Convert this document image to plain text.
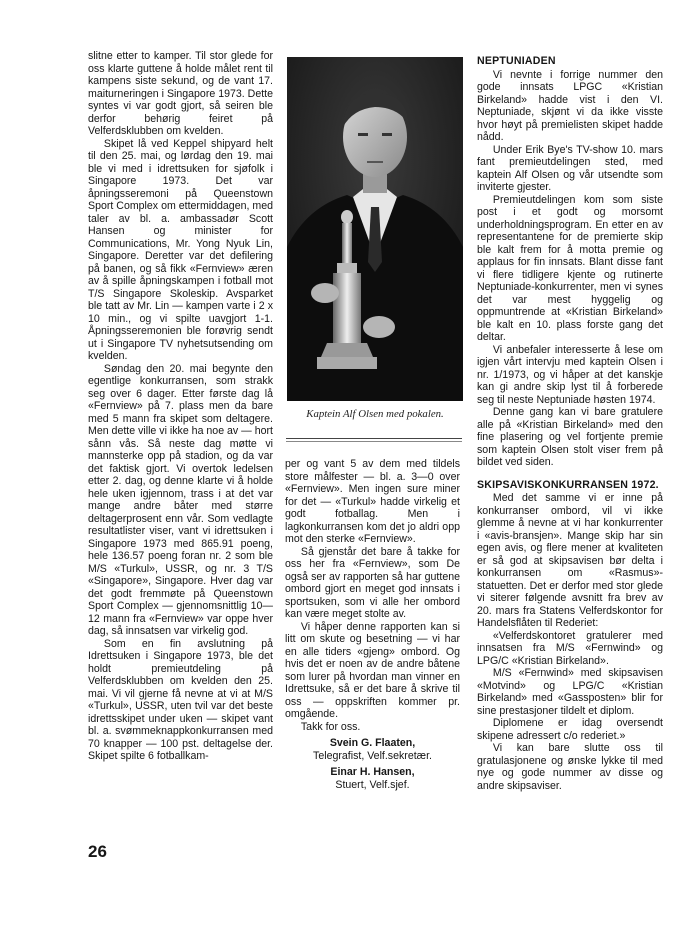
slitne etter to kamper. Til stor glede for oss klarte guttene å holde målet rent til kampens siste sekund, og de vant 17. maiturneringen i Singapore 1973. Dette syntes vi var godt gjort, så seiren ble derfor behørig feiret på Velferdsklubben om kvelden.

Skipet lå ved Keppel shipyard helt til den 25. mai, og lørdag den 19. mai ble vi med i idrettsuken for sjøfolk i Singapore 1973. Det var åpningsseremoni på Queenstown Sport Complex om ettermiddagen, med taler av bl. a. ambassadør Scott Hansen og minister for Communications, Mr. Yong Nyuk Lin, Singapore. Deretter var det defilering på banen, og så fikk «Fernview» æren av å spille åpningskampen i fotball mot T/S Singapore Skoleskip. Avsparket ble tatt av Mr. Lin — kampen varte i 2 x 10 min., og vi spilte uavgjort 1-1. Åpningsseremonien ble forøvrig sendt ut i Singapore TV nyhetsutsending om kvelden.

Søndag den 20. mai begynte den egentlige konkurransen, som strakk seg over 6 dager. Etter første dag lå «Fernview» på 7. plass men da bare med 5 mann fra skipet som deltagere. Men dette ville vi ikke ha noe av — hort sånn vås. Så neste dag møtte vi mannsterke opp på stadion, og da var det faktisk gjort. Vi overtok ledelsen etter 2. dag, og denne klarte vi å holde hele uken igjennom, trass i at det var mange andre båter med større deltagerprosent enn vår. Som vedlagte resultatlister viser, vant vi idrettsuken i Singapore 1973 med 865.91 poeng, hele 136.57 poeng foran nr. 2 som ble M/S «Turkul», USSR, og nr. 3 T/S «Singapore», Singapore. Hver dag var det godt fremmøte på Queenstown Sport Complex — gjennomsnittlig 10—12 mann fra «Fernview» var oppe hver dag, så innsatsen var virkelig god.

Som en fin avslutning på Idrettsuken i Singapore 1973, ble det holdt premieutdeling på Velferdsklubben om kvelden den 25. mai. Vi vil gjerne få nevne at vi at M/S «Turkul», USSR, uten tvil var det beste idrettsskipet under uken — skipet vant bl. a. svømmeknappkonkurransen med 70 knapper — 100 pst. deltagelse der. Skipet spilte 6 fotballkam-

Kaptein Alf Olsen med pokalen.

per og vant 5 av dem med tildels store målfester — bl. a. 3—0 over «Fernview». Men ingen sure miner for det — «Turkul» hadde virkelig et godt fotballag. Men i lagkonkurransen kom det jo aldri opp mot den sterke «Fernview».

Så gjenstår det bare å takke for oss her fra «Fernview», som De også ser av rapporten så har guttene ombord gjort en meget god innsats i sportsuken, som vi alle her ombord kan være meget stolte av.

Vi håper denne rapporten kan si litt om skute og besetning — vi har en alle tiders «gjeng» ombord. Og hvis det er noen av de andre båtene som lurer på hvordan man vinner en Idrettsuke, så er det bare å skrive til oss — oppskriften kommer pr. omgående.

Takk for oss.

Svein G. Flaaten,
Telegrafist, Velf.sekretær.
Einar H. Hansen,
Stuert, Velf.sjef.
NEPTUNIADEN

Vi nevnte i forrige nummer den gode innsats LPGC «Kristian Birkeland» hadde vist i den VI. Neptuniade, skjønt vi da ikke visste hvor høyt på premielisten skipet hadde nådd.

Under Erik Bye's TV-show 10. mars fant premieutdelingen sted, med kaptein Alf Olsen og vår utsendte som inviterte gjester.

Premieutdelingen kom som siste post i et godt og morsomt underholdningsprogram. En etter en av representantene for de premierte skip ble kalt frem for å motta premie og applaus for fin innsats. Blant disse fant vi flere tidligere kjente og rutinerte Neptuniade-konkurrenter, men vi synes det var mest hyggelig og oppmuntrende at «Kristian Birkeland» ble kalt en 10. plass forste gang det deltar.

Vi anbefaler interesserte å lese om igjen vårt intervju med kaptein Olsen i nr. 1/1973, og vi håper at det kanskje kan gi andre skip lyst til å forberede seg til neste Neptuniade høsten 1974.

Denne gang kan vi bare gratulere alle på «Kristian Birkeland» med den fine plasering og vel fortjente premie som kaptein Olsen stolt viser frem på bildet ved siden.

SKIPSAVISKONKURRANSEN 1972.

Med det samme vi er inne på konkurranser ombord, vil vi ikke glemme å nevne at vi har konkurrenter i «avis-bransjen». Mange skip har sin egen avis, og flere mener at kvaliteten er så god at skipsavisen bør delta i konkurransen om «Rasmus»-statuetten. Det er derfor med stor glede vi siterer følgende avsnitt fra brev av 20. mars fra Statens Velferdskontor for Handelsflåten til Rederiet:

«Velferdskontoret gratulerer med innsatsen fra M/S «Fernwind» og LPG/C «Kristian Birkeland».

M/S «Fernwind» med skipsavisen «Motvind» og LPG/C «Kristian Birkeland» med «Gassposten» blir for sine prestasjoner tildelt et diplom.

Diplomene er idag oversendt skipene adressert c/o rederiet.»

Vi kan bare slutte oss til gratulasjonene og ønske lykke til med nye og gode nummer av disse og andre skipsaviser.

26
